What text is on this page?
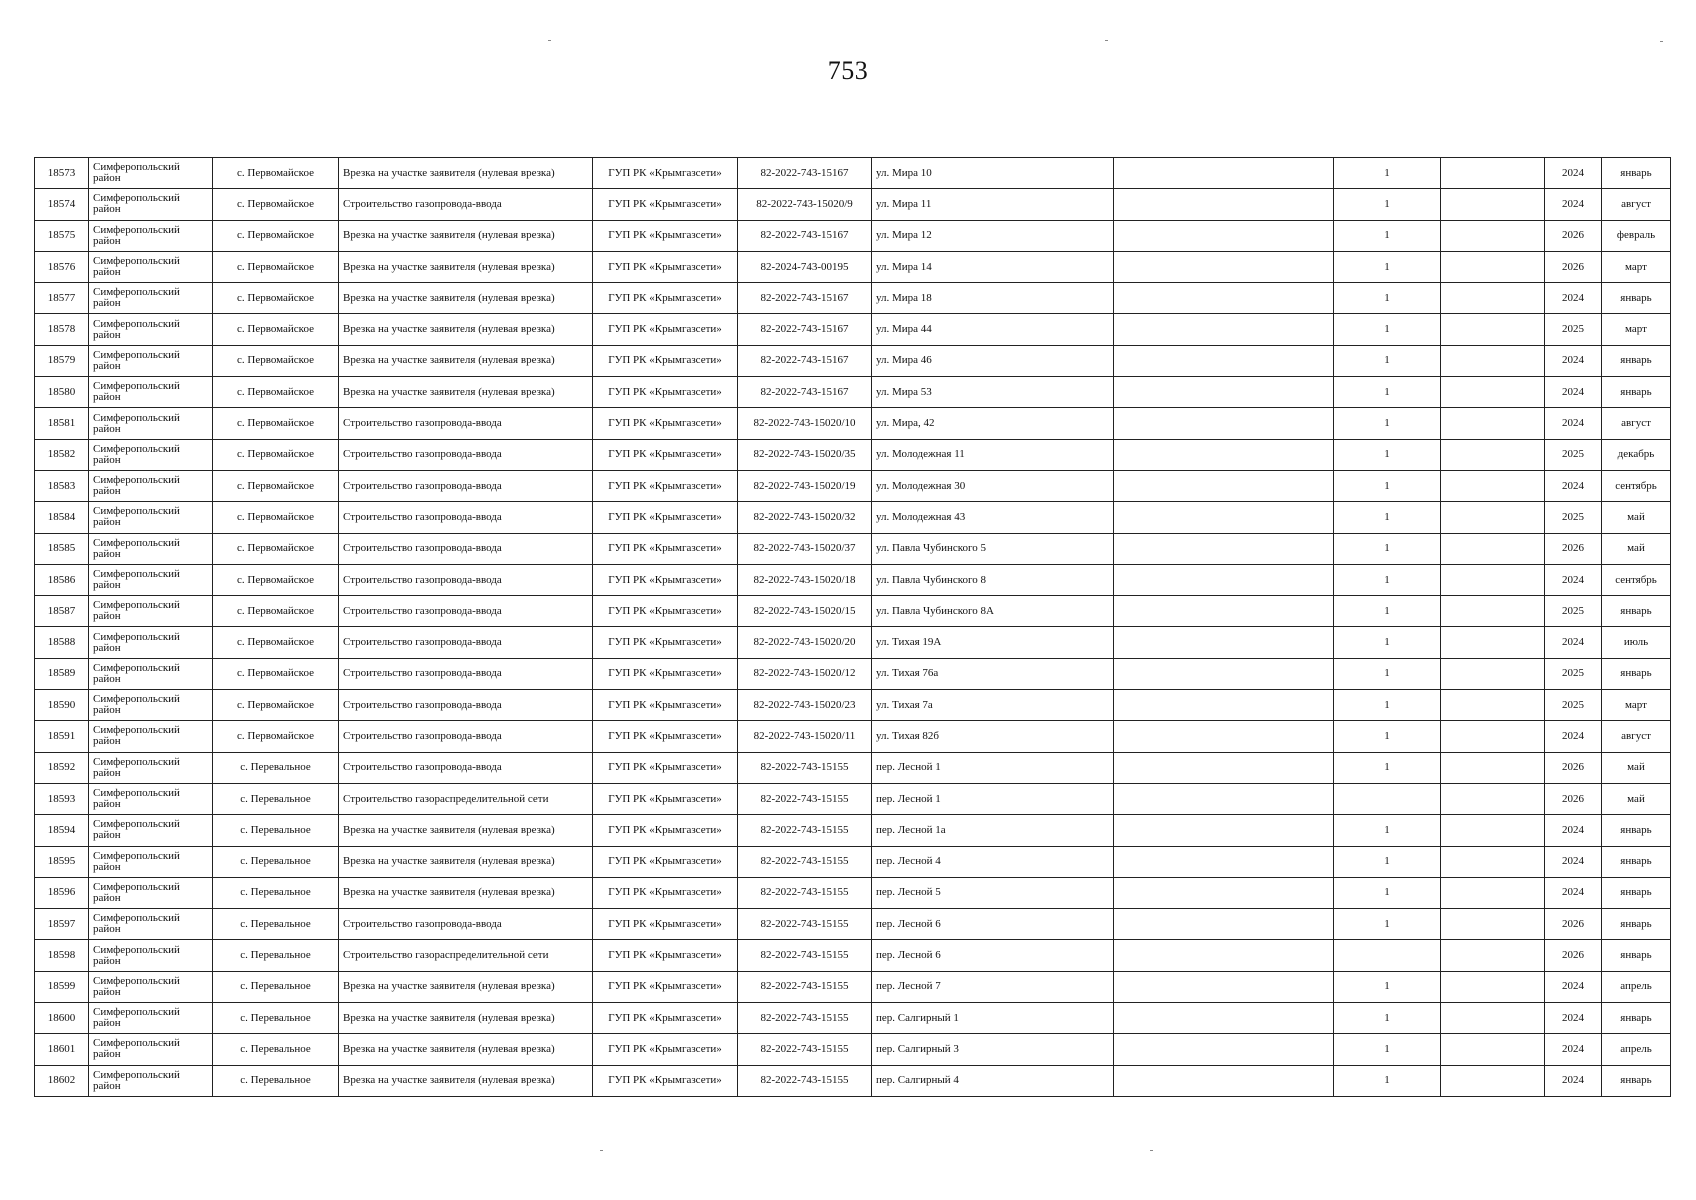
753
18573	Симферопольский район	с. Первомайское	Врезка на участке заявителя (нулевая врезка)	ГУП РК «Крымгазсети»	82-2022-743-15167	ул. Мира 10		1		2024	январь
18574	Симферопольский район	с. Первомайское	Строительство газопровода-ввода	ГУП РК «Крымгазсети»	82-2022-743-15020/9	ул. Мира 11		1		2024	август
18575	Симферопольский район	с. Первомайское	Врезка на участке заявителя (нулевая врезка)	ГУП РК «Крымгазсети»	82-2022-743-15167	ул. Мира 12		1		2026	февраль
18576	Симферопольский район	с. Первомайское	Врезка на участке заявителя (нулевая врезка)	ГУП РК «Крымгазсети»	82-2024-743-00195	ул. Мира 14		1		2026	март
18577	Симферопольский район	с. Первомайское	Врезка на участке заявителя (нулевая врезка)	ГУП РК «Крымгазсети»	82-2022-743-15167	ул. Мира 18		1		2024	январь
18578	Симферопольский район	с. Первомайское	Врезка на участке заявителя (нулевая врезка)	ГУП РК «Крымгазсети»	82-2022-743-15167	ул. Мира 44		1		2025	март
18579	Симферопольский район	с. Первомайское	Врезка на участке заявителя (нулевая врезка)	ГУП РК «Крымгазсети»	82-2022-743-15167	ул. Мира 46		1		2024	январь
18580	Симферопольский район	с. Первомайское	Врезка на участке заявителя (нулевая врезка)	ГУП РК «Крымгазсети»	82-2022-743-15167	ул. Мира 53		1		2024	январь
18581	Симферопольский район	с. Первомайское	Строительство газопровода-ввода	ГУП РК «Крымгазсети»	82-2022-743-15020/10	ул. Мира, 42		1		2024	август
18582	Симферопольский район	с. Первомайское	Строительство газопровода-ввода	ГУП РК «Крымгазсети»	82-2022-743-15020/35	ул. Молодежная 11		1		2025	декабрь
18583	Симферопольский район	с. Первомайское	Строительство газопровода-ввода	ГУП РК «Крымгазсети»	82-2022-743-15020/19	ул. Молодежная 30		1		2024	сентябрь
18584	Симферопольский район	с. Первомайское	Строительство газопровода-ввода	ГУП РК «Крымгазсети»	82-2022-743-15020/32	ул. Молодежная 43		1		2025	май
18585	Симферопольский район	с. Первомайское	Строительство газопровода-ввода	ГУП РК «Крымгазсети»	82-2022-743-15020/37	ул. Павла Чубинского 5		1		2026	май
18586	Симферопольский район	с. Первомайское	Строительство газопровода-ввода	ГУП РК «Крымгазсети»	82-2022-743-15020/18	ул. Павла Чубинского 8		1		2024	сентябрь
18587	Симферопольский район	с. Первомайское	Строительство газопровода-ввода	ГУП РК «Крымгазсети»	82-2022-743-15020/15	ул. Павла Чубинского 8А		1		2025	январь
18588	Симферопольский район	с. Первомайское	Строительство газопровода-ввода	ГУП РК «Крымгазсети»	82-2022-743-15020/20	ул. Тихая 19А		1		2024	июль
18589	Симферопольский район	с. Первомайское	Строительство газопровода-ввода	ГУП РК «Крымгазсети»	82-2022-743-15020/12	ул. Тихая 76а		1		2025	январь
18590	Симферопольский район	с. Первомайское	Строительство газопровода-ввода	ГУП РК «Крымгазсети»	82-2022-743-15020/23	ул. Тихая 7а		1		2025	март
18591	Симферопольский район	с. Первомайское	Строительство газопровода-ввода	ГУП РК «Крымгазсети»	82-2022-743-15020/11	ул. Тихая 82б		1		2024	август
18592	Симферопольский район	с. Перевальное	Строительство газопровода-ввода	ГУП РК «Крымгазсети»	82-2022-743-15155	пер. Лесной 1		1		2026	май
18593	Симферопольский район	с. Перевальное	Строительство газораспределительной сети	ГУП РК «Крымгазсети»	82-2022-743-15155	пер. Лесной 1				2026	май
18594	Симферопольский район	с. Перевальное	Врезка на участке заявителя (нулевая врезка)	ГУП РК «Крымгазсети»	82-2022-743-15155	пер. Лесной 1а		1		2024	январь
18595	Симферопольский район	с. Перевальное	Врезка на участке заявителя (нулевая врезка)	ГУП РК «Крымгазсети»	82-2022-743-15155	пер. Лесной 4		1		2024	январь
18596	Симферопольский район	с. Перевальное	Врезка на участке заявителя (нулевая врезка)	ГУП РК «Крымгазсети»	82-2022-743-15155	пер. Лесной 5		1		2024	январь
18597	Симферопольский район	с. Перевальное	Строительство газопровода-ввода	ГУП РК «Крымгазсети»	82-2022-743-15155	пер. Лесной 6		1		2026	январь
18598	Симферопольский район	с. Перевальное	Строительство газораспределительной сети	ГУП РК «Крымгазсети»	82-2022-743-15155	пер. Лесной 6				2026	январь
18599	Симферопольский район	с. Перевальное	Врезка на участке заявителя (нулевая врезка)	ГУП РК «Крымгазсети»	82-2022-743-15155	пер. Лесной 7		1		2024	апрель
18600	Симферопольский район	с. Перевальное	Врезка на участке заявителя (нулевая врезка)	ГУП РК «Крымгазсети»	82-2022-743-15155	пер. Салгирный 1		1		2024	январь
18601	Симферопольский район	с. Перевальное	Врезка на участке заявителя (нулевая врезка)	ГУП РК «Крымгазсети»	82-2022-743-15155	пер. Салгирный 3		1		2024	апрель
18602	Симферопольский район	с. Перевальное	Врезка на участке заявителя (нулевая врезка)	ГУП РК «Крымгазсети»	82-2022-743-15155	пер. Салгирный 4		1		2024	январь
